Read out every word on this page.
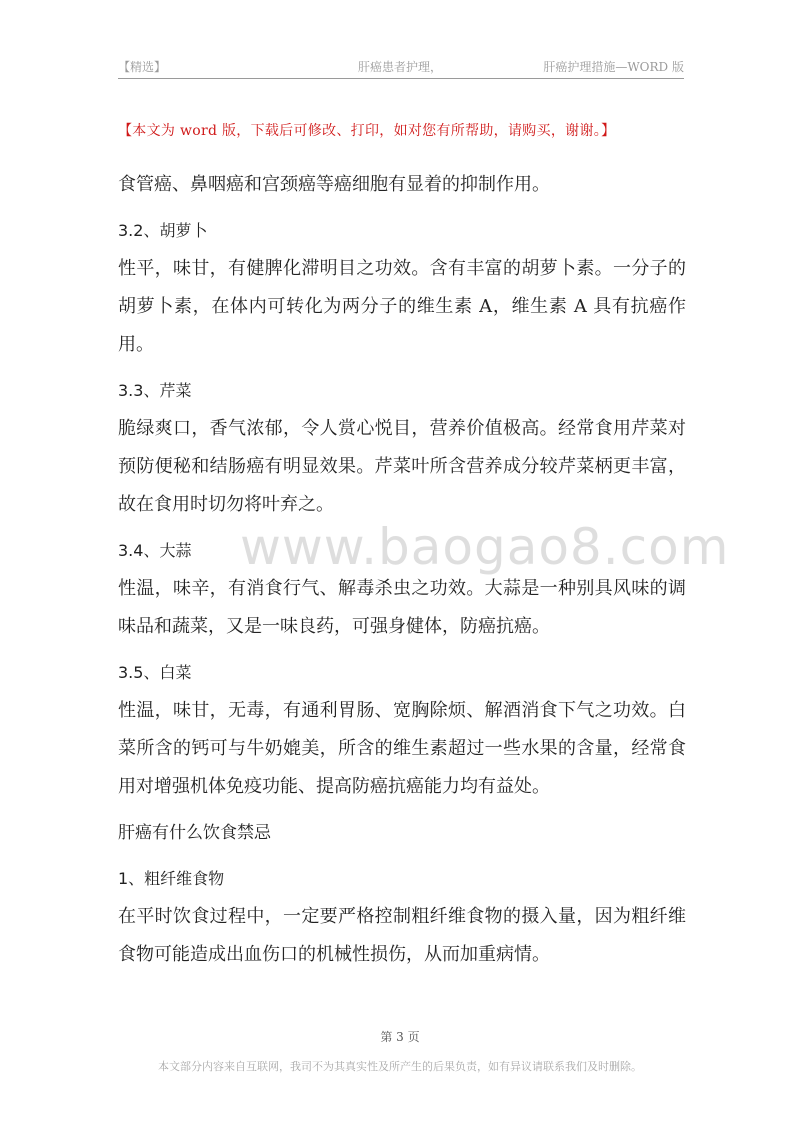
【精选】	肝癌患者护理，	肝癌护理措施—WORD 版
【本文为 word 版，下载后可修改、打印，如对您有所帮助，请购买，谢谢。】
www.baogao8.com

食管癌、鼻咽癌和宫颈癌等癌细胞有显着的抑制作用。

3.2、胡萝卜

性平，味甘，有健脾化滞明目之功效。含有丰富的胡萝卜素。一分子的胡萝卜素，在体内可转化为两分子的维生素 A，维生素 A 具有抗癌作用。

3.3、芹菜

脆绿爽口，香气浓郁，令人赏心悦目，营养价值极高。经常食用芹菜对预防便秘和结肠癌有明显效果。芹菜叶所含营养成分较芹菜柄更丰富，故在食用时切勿将叶弃之。

3.4、大蒜

性温，味辛，有消食行气、解毒杀虫之功效。大蒜是一种别具风味的调味品和蔬菜，又是一味良药，可强身健体，防癌抗癌。

3.5、白菜

性温，味甘，无毒，有通利胃肠、宽胸除烦、解酒消食下气之功效。白菜所含的钙可与牛奶媲美，所含的维生素超过一些水果的含量，经常食用对增强机体免疫功能、提高防癌抗癌能力均有益处。

肝癌有什么饮食禁忌

1、粗纤维食物

在平时饮食过程中，一定要严格控制粗纤维食物的摄入量，因为粗纤维食物可能造成出血伤口的机械性损伤，从而加重病情。

第 3 页
本文部分内容来自互联网，我司不为其真实性及所产生的后果负责，如有异议请联系我们及时删除。
